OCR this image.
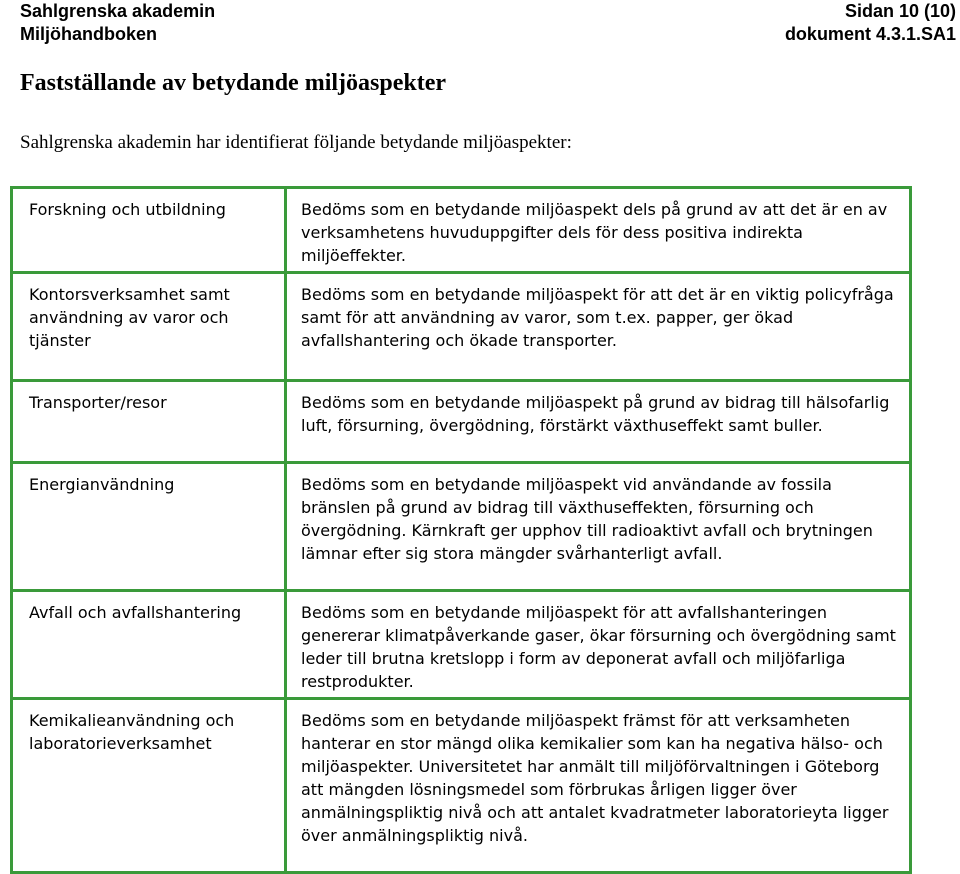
Sahlgrenska akademin	Sidan 10 (10)
Miljöhandboken	dokument 4.3.1.SA1
Fastställande av betydande miljöaspekter

Sahlgrenska akademin har identifierat följande betydande miljöaspekter:

Forskning och utbildning	Bedöms som en betydande miljöaspekt dels på grund av att det är en av verksamhetens huvuduppgifter dels för dess positiva indirekta miljöeffekter.
Kontorsverksamhet samt användning av varor och tjänster	Bedöms som en betydande miljöaspekt för att det är en viktig policyfråga samt för att användning av varor, som t.ex. papper, ger ökad avfallshantering och ökade transporter.
Transporter/resor	Bedöms som en betydande miljöaspekt på grund av bidrag till hälsofarlig luft, försurning, övergödning, förstärkt växthuseffekt samt buller.
Energianvändning	Bedöms som en betydande miljöaspekt vid användande av fossila bränslen på grund av bidrag till växthuseffekten, försurning och övergödning. Kärnkraft ger upphov till radioaktivt avfall och brytningen lämnar efter sig stora mängder svårhanterligt avfall.
Avfall och avfallshantering	Bedöms som en betydande miljöaspekt för att avfallshanteringen genererar klimatpåverkande gaser, ökar försurning och övergödning samt leder till brutna kretslopp i form av deponerat avfall och miljöfarliga restprodukter.
Kemikalieanvändning och laboratorieverksamhet	Bedöms som en betydande miljöaspekt främst för att verksamheten hanterar en stor mängd olika kemikalier som kan ha negativa hälso- och miljöaspekter. Universitetet har anmält till miljöförvaltningen i Göteborg att mängden lösningsmedel som förbrukas årligen ligger över anmälningspliktig nivå och att antalet kvadratmeter laboratorieyta ligger över anmälningspliktig nivå.
